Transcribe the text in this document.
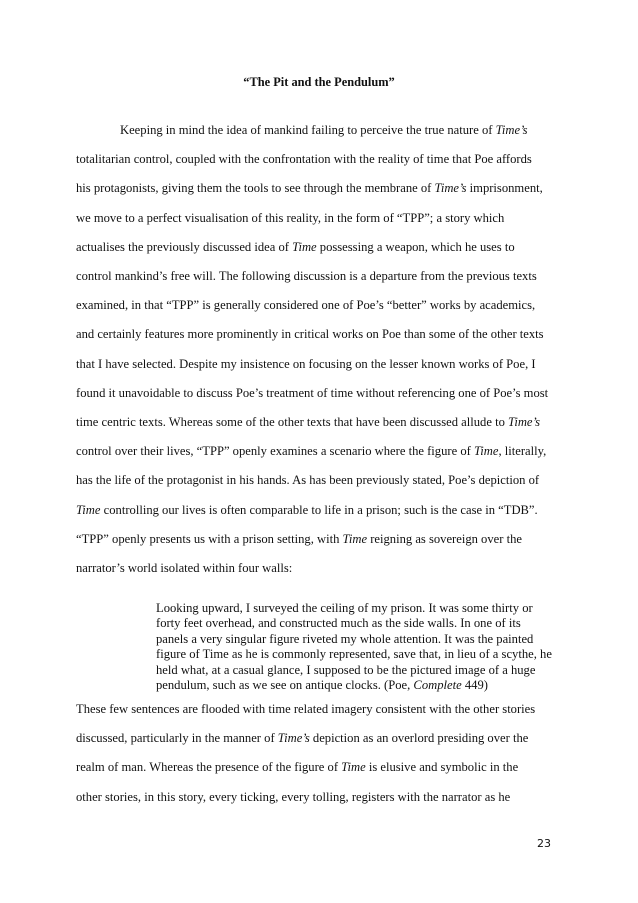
“The Pit and the Pendulum”
Keeping in mind the idea of mankind failing to perceive the true nature of Time’s
totalitarian control, coupled with the confrontation with the reality of time that Poe affords
his protagonists, giving them the tools to see through the membrane of Time’s imprisonment,
we move to a perfect visualisation of this reality, in the form of “TPP”; a story which
actualises the previously discussed idea of Time possessing a weapon, which he uses to
control mankind’s free will. The following discussion is a departure from the previous texts
examined, in that “TPP” is generally considered one of Poe’s “better” works by academics,
and certainly features more prominently in critical works on Poe than some of the other texts
that I have selected. Despite my insistence on focusing on the lesser known works of Poe, I
found it unavoidable to discuss Poe’s treatment of time without referencing one of Poe’s most
time centric texts. Whereas some of the other texts that have been discussed allude to Time’s
control over their lives, “TPP” openly examines a scenario where the figure of Time, literally,
has the life of the protagonist in his hands. As has been previously stated, Poe’s depiction of
Time controlling our lives is often comparable to life in a prison; such is the case in “TDB”.
“TPP” openly presents us with a prison setting, with Time reigning as sovereign over the
narrator’s world isolated within four walls:
Looking upward, I surveyed the ceiling of my prison. It was some thirty or
forty feet overhead, and constructed much as the side walls. In one of its
panels a very singular figure riveted my whole attention. It was the painted
figure of Time as he is commonly represented, save that, in lieu of a scythe, he
held what, at a casual glance, I supposed to be the pictured image of a huge
pendulum, such as we see on antique clocks. (Poe, Complete 449)
These few sentences are flooded with time related imagery consistent with the other stories
discussed, particularly in the manner of Time’s depiction as an overlord presiding over the
realm of man. Whereas the presence of the figure of Time is elusive and symbolic in the
other stories, in this story, every ticking, every tolling, registers with the narrator as he
23
